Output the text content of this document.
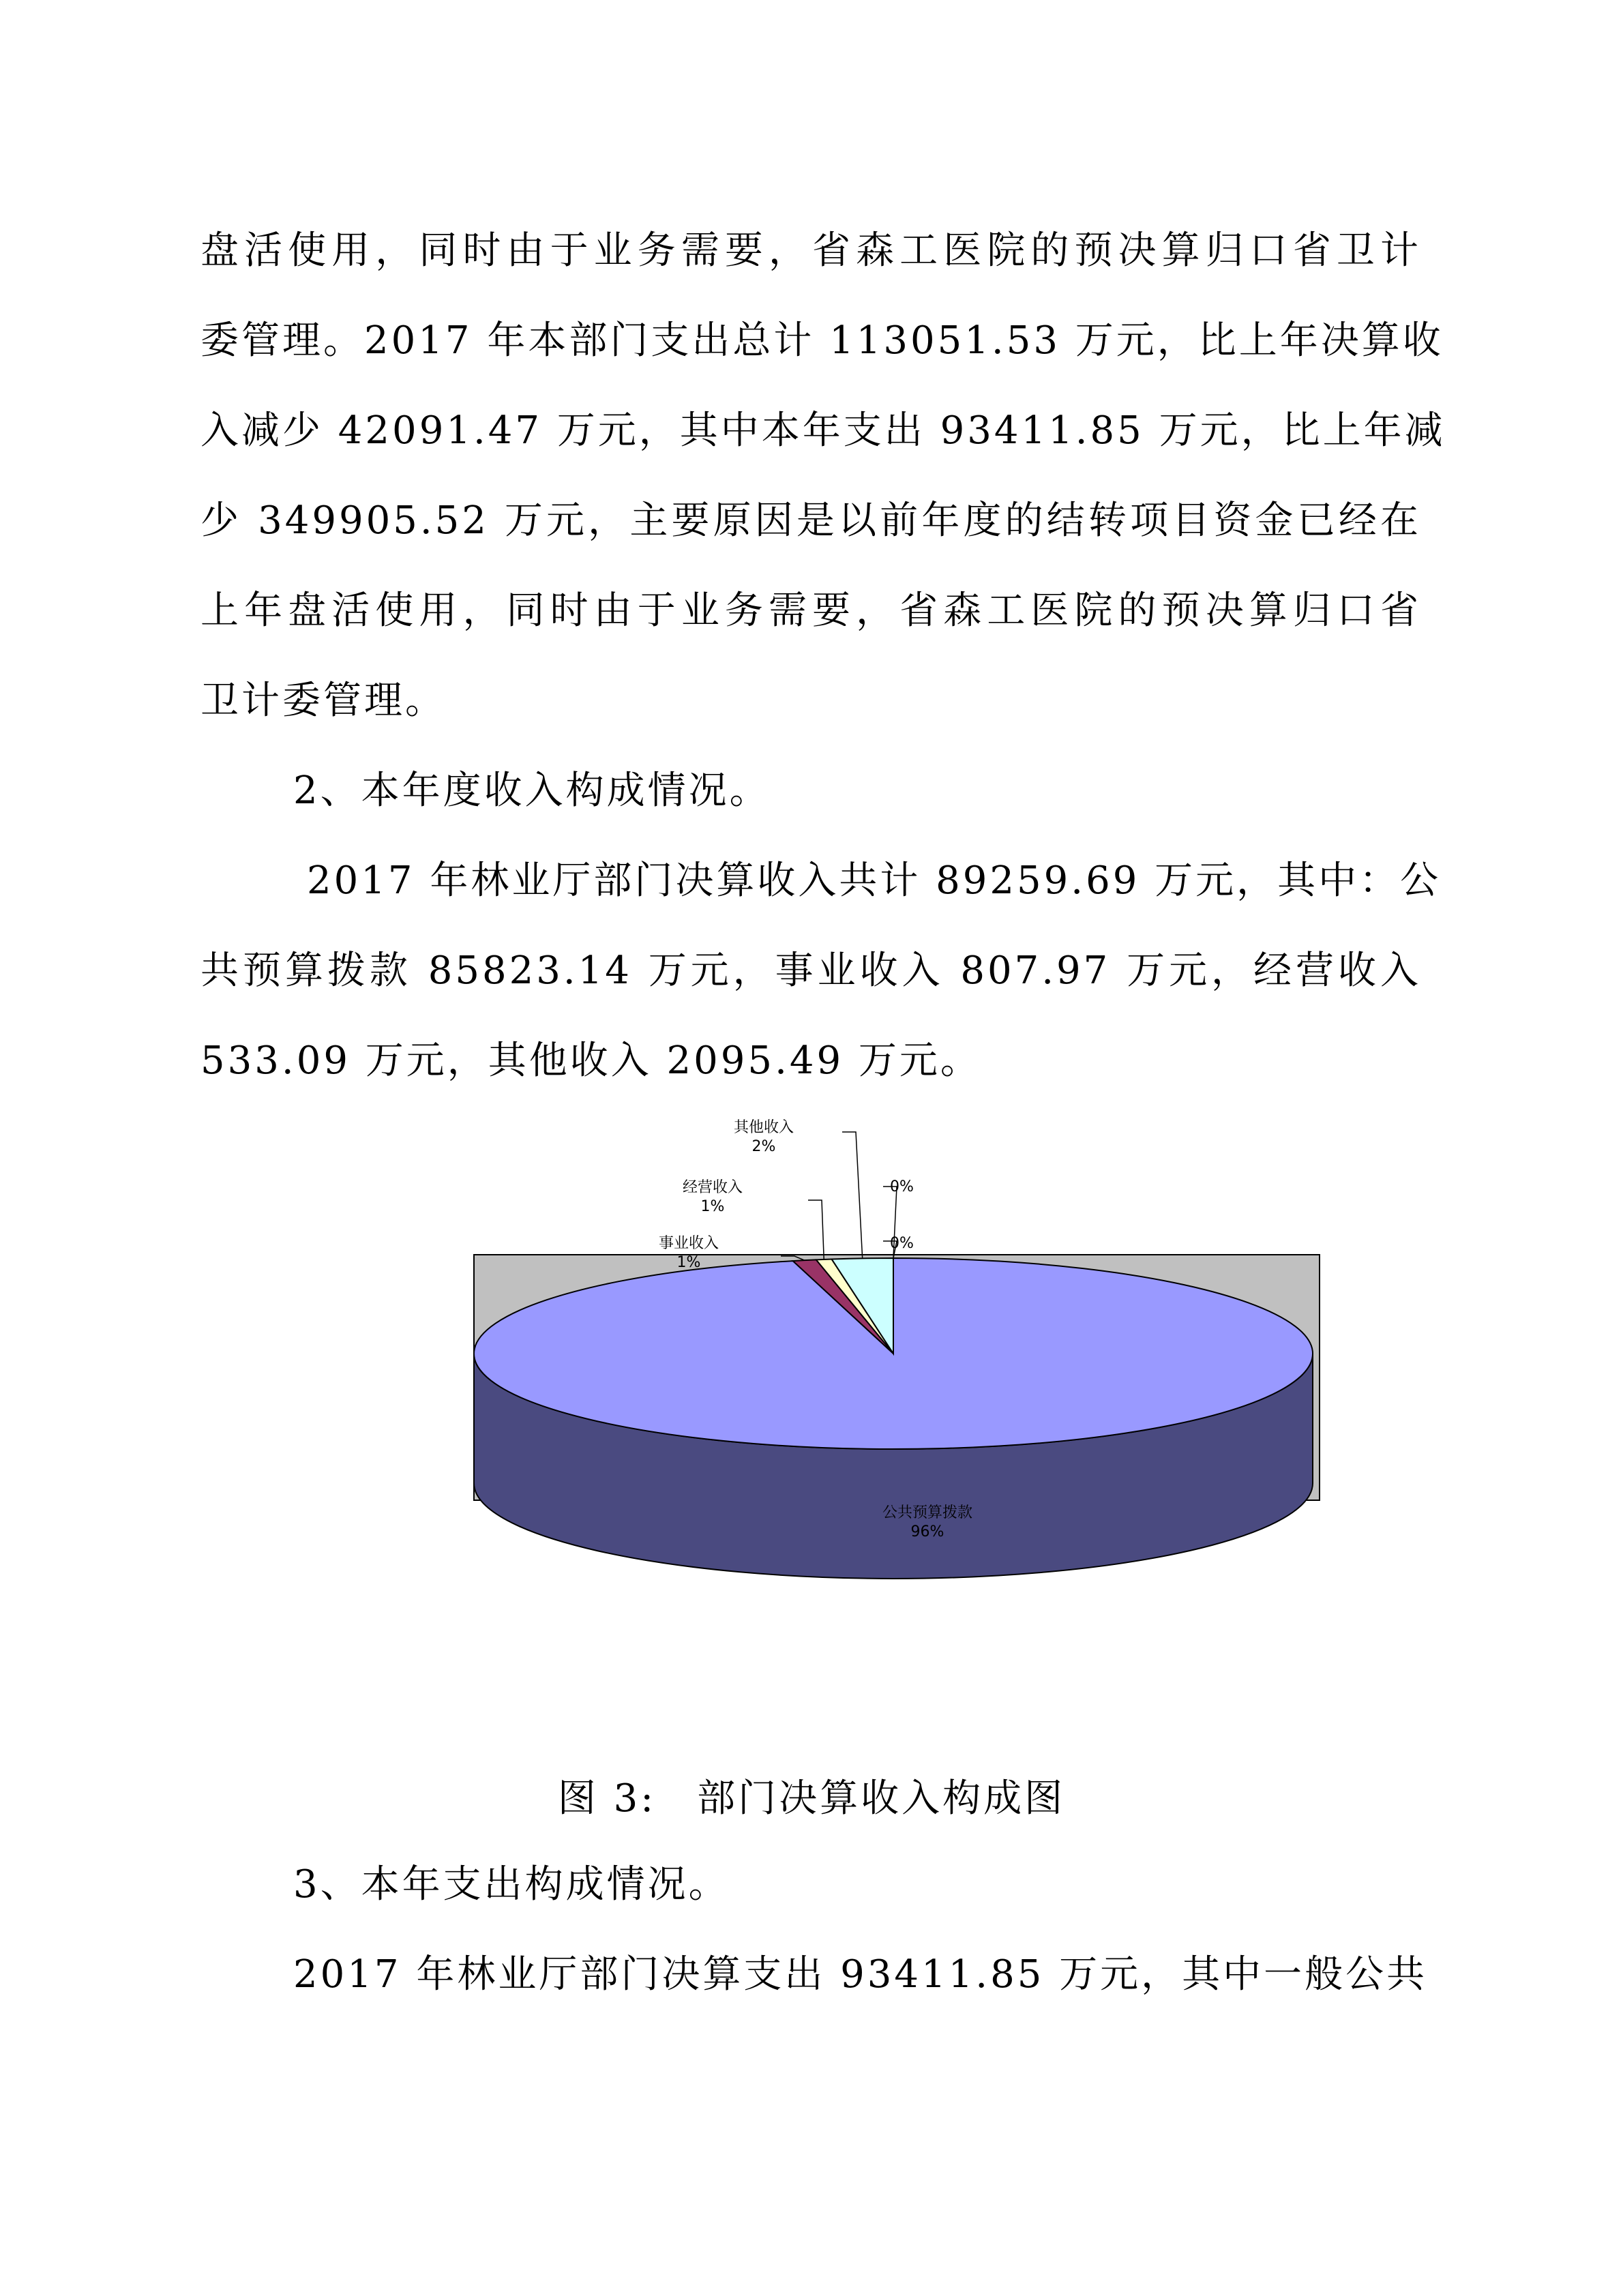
盘活使用，同时由于业务需要，省森工医院的预决算归口省卫计
委管理。2017 年本部门支出总计 113051.53 万元，比上年决算收
入减少 42091.47 万元，其中本年支出 93411.85 万元，比上年减
少 349905.52 万元，主要原因是以前年度的结转项目资金已经在
上年盘活使用，同时由于业务需要，省森工医院的预决算归口省
卫计委管理。
2、本年度收入构成情况。
2017 年林业厅部门决算收入共计 89259.69 万元，其中：公
共预算拨款 85823.14 万元，事业收入 807.97 万元，经营收入
533.09 万元，其他收入 2095.49 万元。
公共预算拨款
96%
事业收入
1%
经营收入
1%
其他收入
2%
0%
0%
图 3: 部门决算收入构成图
3、本年支出构成情况。
2017 年林业厅部门决算支出 93411.85 万元，其中一般公共
